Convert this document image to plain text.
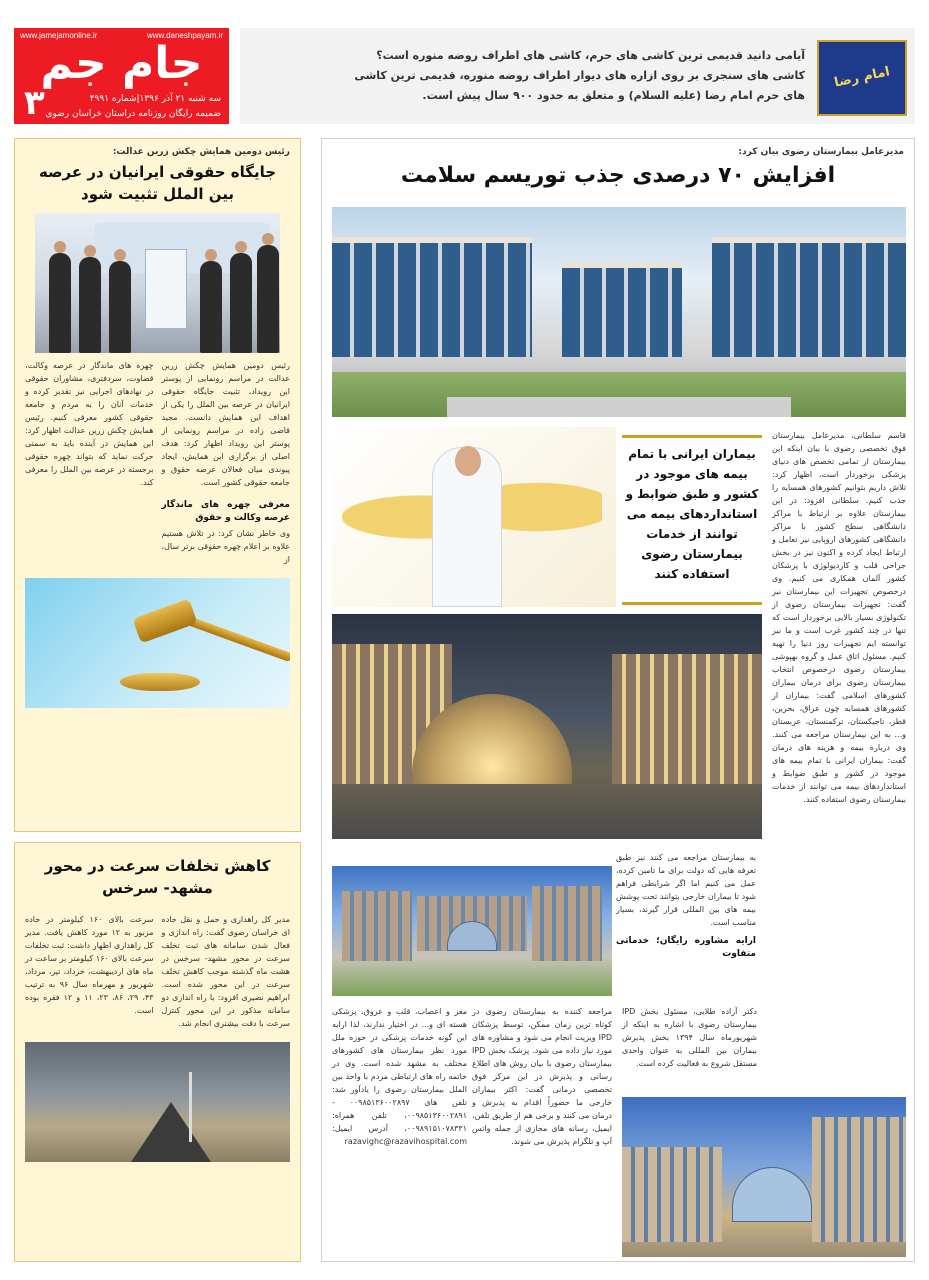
www.jamejamonline.ir	www.daneshpayam.ir
جام جم
سه شنبه ۲۱ آذر ۱۳۹۶|شماره ۴۹۹۱
ضمیمه رایگان روزنامه دراستان خراسان رضوی
۳
آیامی دانید قدیمی ترین کاشی های حرم، کاشی های اطراف روضه منوره است؟
کاشی های سنجری بر روی ازاره های دیوار اطراف روضه منوره، قدیمی ترین کاشی های حرم امام رضا (علیه السلام) و متعلق به حدود ۹۰۰ سال پیش است.
امام رضا
رئیس دومین همایش چکش زرین عدالت:
جایگاه حقوقی ایرانیان در عرصه بین الملل تثبیت شود
رئیس دومین همایش چکش زرین عدالت در مراسم رونمایی از پوستر این رویداد، تثبیت جایگاه حقوقی ایرانیان در عرصه بین الملل را یکی از اهداف این همایش دانست. مجید قاضی زاده در مراسم رونمایی از پوستر این رویداد اظهار کرد: هدف اصلی از برگزاری این همایش، ایجاد پیوندی میان فعالان عرصه حقوق و جامعه حقوقی کشور است.
چهره های ماندگار در عرصه وکالت، قضاوت، سردفتری، مشاوران حقوقی در نهادهای اجرایی نیز تقدیر کرده و خدمات آنان را به مردم و جامعه حقوقی کشور معرفی کنیم. رئیس همایش چکش زرین عدالت اظهار کرد: این همایش در آینده باید به سمتی حرکت نماید که بتواند چهره حقوقی برجسته در عرصه بین الملل را معرفی کند.
معرفی چهره های ماندگار عرصه وکالت و حقوق
وی خاطر نشان کرد: در تلاش هستیم علاوه بر اعلام چهره حقوقی برتر سال، از
کاهش تخلفات سرعت در محور مشهد- سرخس
مدیر کل راهداری و حمل و نقل جاده ای خراسان رضوی گفت: راه اندازی و فعال شدن سامانه های ثبت تخلف سرعت در محور مشهد- سرخس در هشت ماه گذشته موجب کاهش تخلف سرعت در این محور شده است. ابراهیم نصیری افزود: با راه اندازی دو سامانه مذکور در این محور کنترل سرعت با دقت بیشتری انجام شد.
سرعت بالای ۱۶۰ کیلومتر در جاده مزبور به ۱۲ مورد کاهش یافت. مدیر کل راهداری اظهار داشت: ثبت تخلفات سرعت بالای ۱۶۰ کیلومتر بر ساعت در ماه های اردیبهشت، خرداد، تیر، مرداد، شهریور و مهرماه سال ۹۶ به ترتیب ۴۳، ۲۹، ۸۶، ۲۳، ۱۱ و ۱۲ فقره بوده است.
مدیرعامل بیمارستان رضوی بیان کرد:
افزایش ۷۰ درصدی جذب توریسم سلامت
بیماران ایرانی با تمام بیمه های موجود در کشور و طبق ضوابط و استانداردهای بیمه می توانند از خدمات بیمارستان رضوی استفاده کنند
قاسم سلطانی، مدیرعامل بیمارستان فوق تخصصی رضوی با بیان اینکه این بیمارستان از تمامی تخصص های دنیای پزشکی برخوردار است، اظهار کرد: تلاش داریم بتوانیم کشورهای همسایه را جذب کنیم. سلطانی افزود: در این بیمارستان علاوه بر ارتباط با مراکز دانشگاهی سطح کشور با مراکز دانشگاهی کشورهای اروپایی نیز تعامل و ارتباط ایجاد کرده و اکنون نیز در بخش جراحی قلب و کاردیولوژی با پزشکان کشور آلمان همکاری می کنیم. وی درخصوص تجهیزات این بیمارستان نیز گفت: تجهیزات بیمارستان رضوی از تکنولوژی بسیار بالایی برخوردار است که تنها در چند کشور غرب است و ما نیز توانسته ایم تجهیزات روز دنیا را تهیه کنیم. مسئول اتاق عمل و گروه بهپوشی بیمارستان رضوی درخصوص انتخاب بیمارستان رضوی برای درمان بیماران کشورهای اسلامی گفت: بیماران از کشورهای همسایه چون عراق، بحرین، قطر، تاجیکستان، ترکمنستان، عربستان و... به این بیمارستان مراجعه می کنند. وی درباره بیمه و هزینه های درمان گفت: بیماران ایرانی با تمام بیمه های موجود در کشور و طبق ضوابط و استانداردهای بیمه می توانند از خدمات بیمارستان رضوی استفاده کنند.
به بیمارستان مراجعه می کنند نیز طبق تعرفه هایی که دولت برای ما تامین کرده، عمل می کنیم اما اگر شرایطی فراهم شود تا بیماران خارجی بتوانند تحت پوشش بیمه های بین المللی قرار گیرند، بسیار مناسب است.
ارایه مشاوره رایگان؛ خدماتی متفاوت
دکتر آزاده طلایی، مسئول بخش IPD بیمارستان رضوی با اشاره به اینکه از شهریورماه سال ۱۳۹۴ بخش پذیرش بیماران بین المللی به عنوان واحدی مستقل شروع به فعالیت کرده است.
مراجعه کننده به بیمارستان رضوی در کوتاه ترین زمان ممکن، توسط پزشکان IPD ویزیت انجام می شود و مشاوره های مورد نیاز داده می شود. پزشک بخش IPD بیمارستان رضوی با بیان روش های اطلاع رسانی و پذیرش در این مرکز فوق تخصصی درمانی گفت: اکثر بیماران خارجی ما حضوراً اقدام به پذیرش و درمان می کنند و برخی هم از طریق تلفن، ایمیل، رسانه های مجازی از جمله واتس آپ و تلگرام پذیرش می شوند.
مغز و اعصاب، قلب و عروق، پزشکی هسته ای و... در اختیار ندارند، لذا ارایه این گونه خدمات پزشکی در حوزه ملل مورد نظر بیمارستان های کشورهای مختلف به مشهد شده است. وی در خاتمه راه های ارتباطی مردم با واحد بین الملل بیمارستان رضوی را یادآور شد: تلفن های ۰۰۹۸۵۱۳۶۰۰۲۸۹۷ - ۰۰۹۸۵۱۳۶۰۰۲۸۹۱، تلفن همراه: ۰۰۹۸۹۱۵۱۰۷۸۳۳۱، آدرس ایمیل: razavighc@razavihospital.com
